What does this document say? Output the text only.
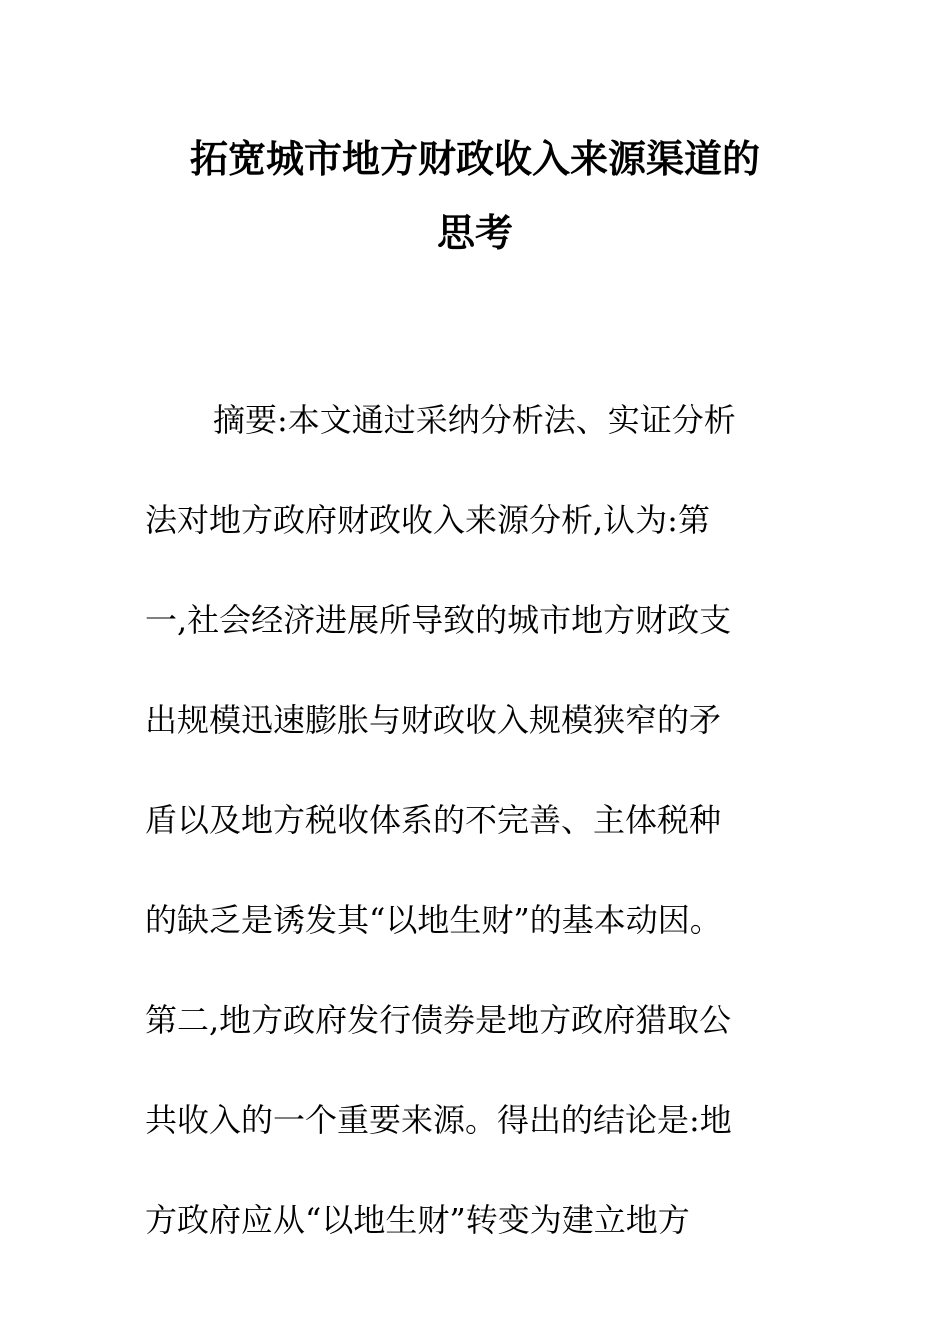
拓宽城市地方财政收入来源渠道的
思考
摘要:本文通过采纳分析法、实证分析
法对地方政府财政收入来源分析,认为:第
一,社会经济进展所导致的城市地方财政支
出规模迅速膨胀与财政收入规模狭窄的矛
盾以及地方税收体系的不完善、主体税种
的缺乏是诱发其“以地生财”的基本动因。
第二,地方政府发行债券是地方政府猎取公
共收入的一个重要来源。得出的结论是:地
方政府应从“以地生财”转变为建立地方
